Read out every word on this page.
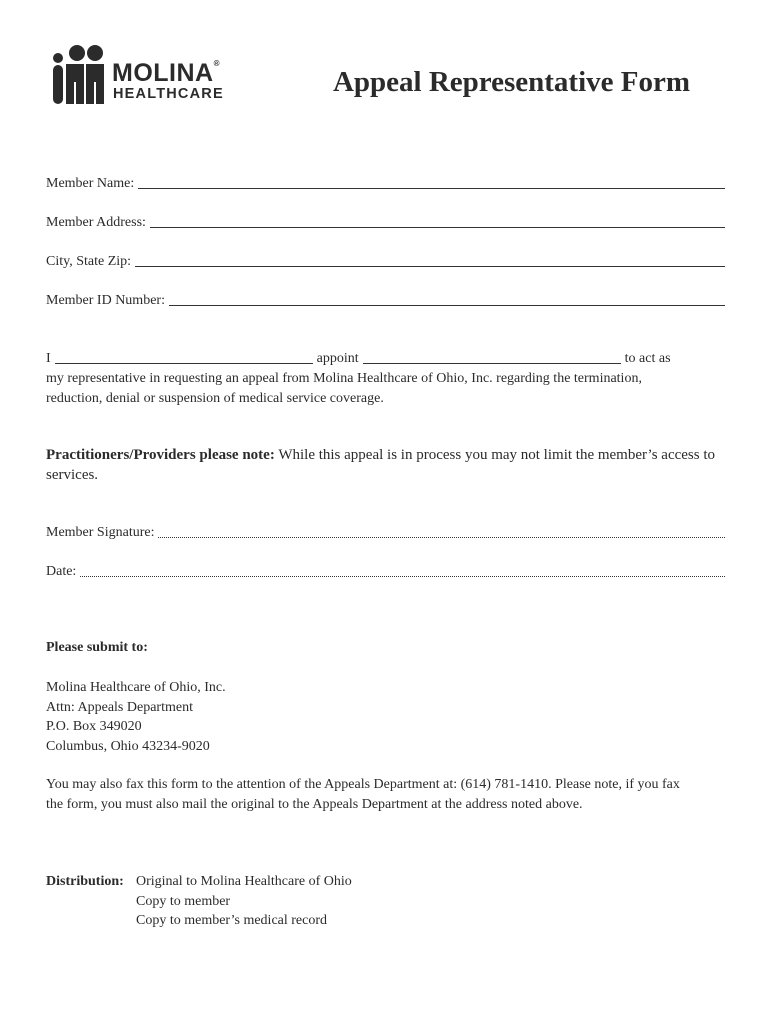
MOLINA®
HEALTHCARE	Appeal Representative Form
Member Name:
Member Address:
City, State Zip:
Member ID Number:
I	appoint	to act as
my representative in requesting an appeal from Molina Healthcare of Ohio, Inc. regarding the termination,
reduction, denial or suspension of medical service coverage.
Practitioners/Providers please note: While this appeal is in process you may not limit the member’s access to services.
Member Signature:
Date:
Please submit to:
Molina Healthcare of Ohio, Inc.
Attn: Appeals Department
P.O. Box 349020
Columbus, Ohio 43234-9020
You may also fax this form to the attention of the Appeals Department at: (614) 781-1410. Please note, if you fax
the form, you must also mail the original to the Appeals Department at the address noted above.
Distribution: Original to Molina Healthcare of Ohio
Copy to member
Copy to member’s medical record
